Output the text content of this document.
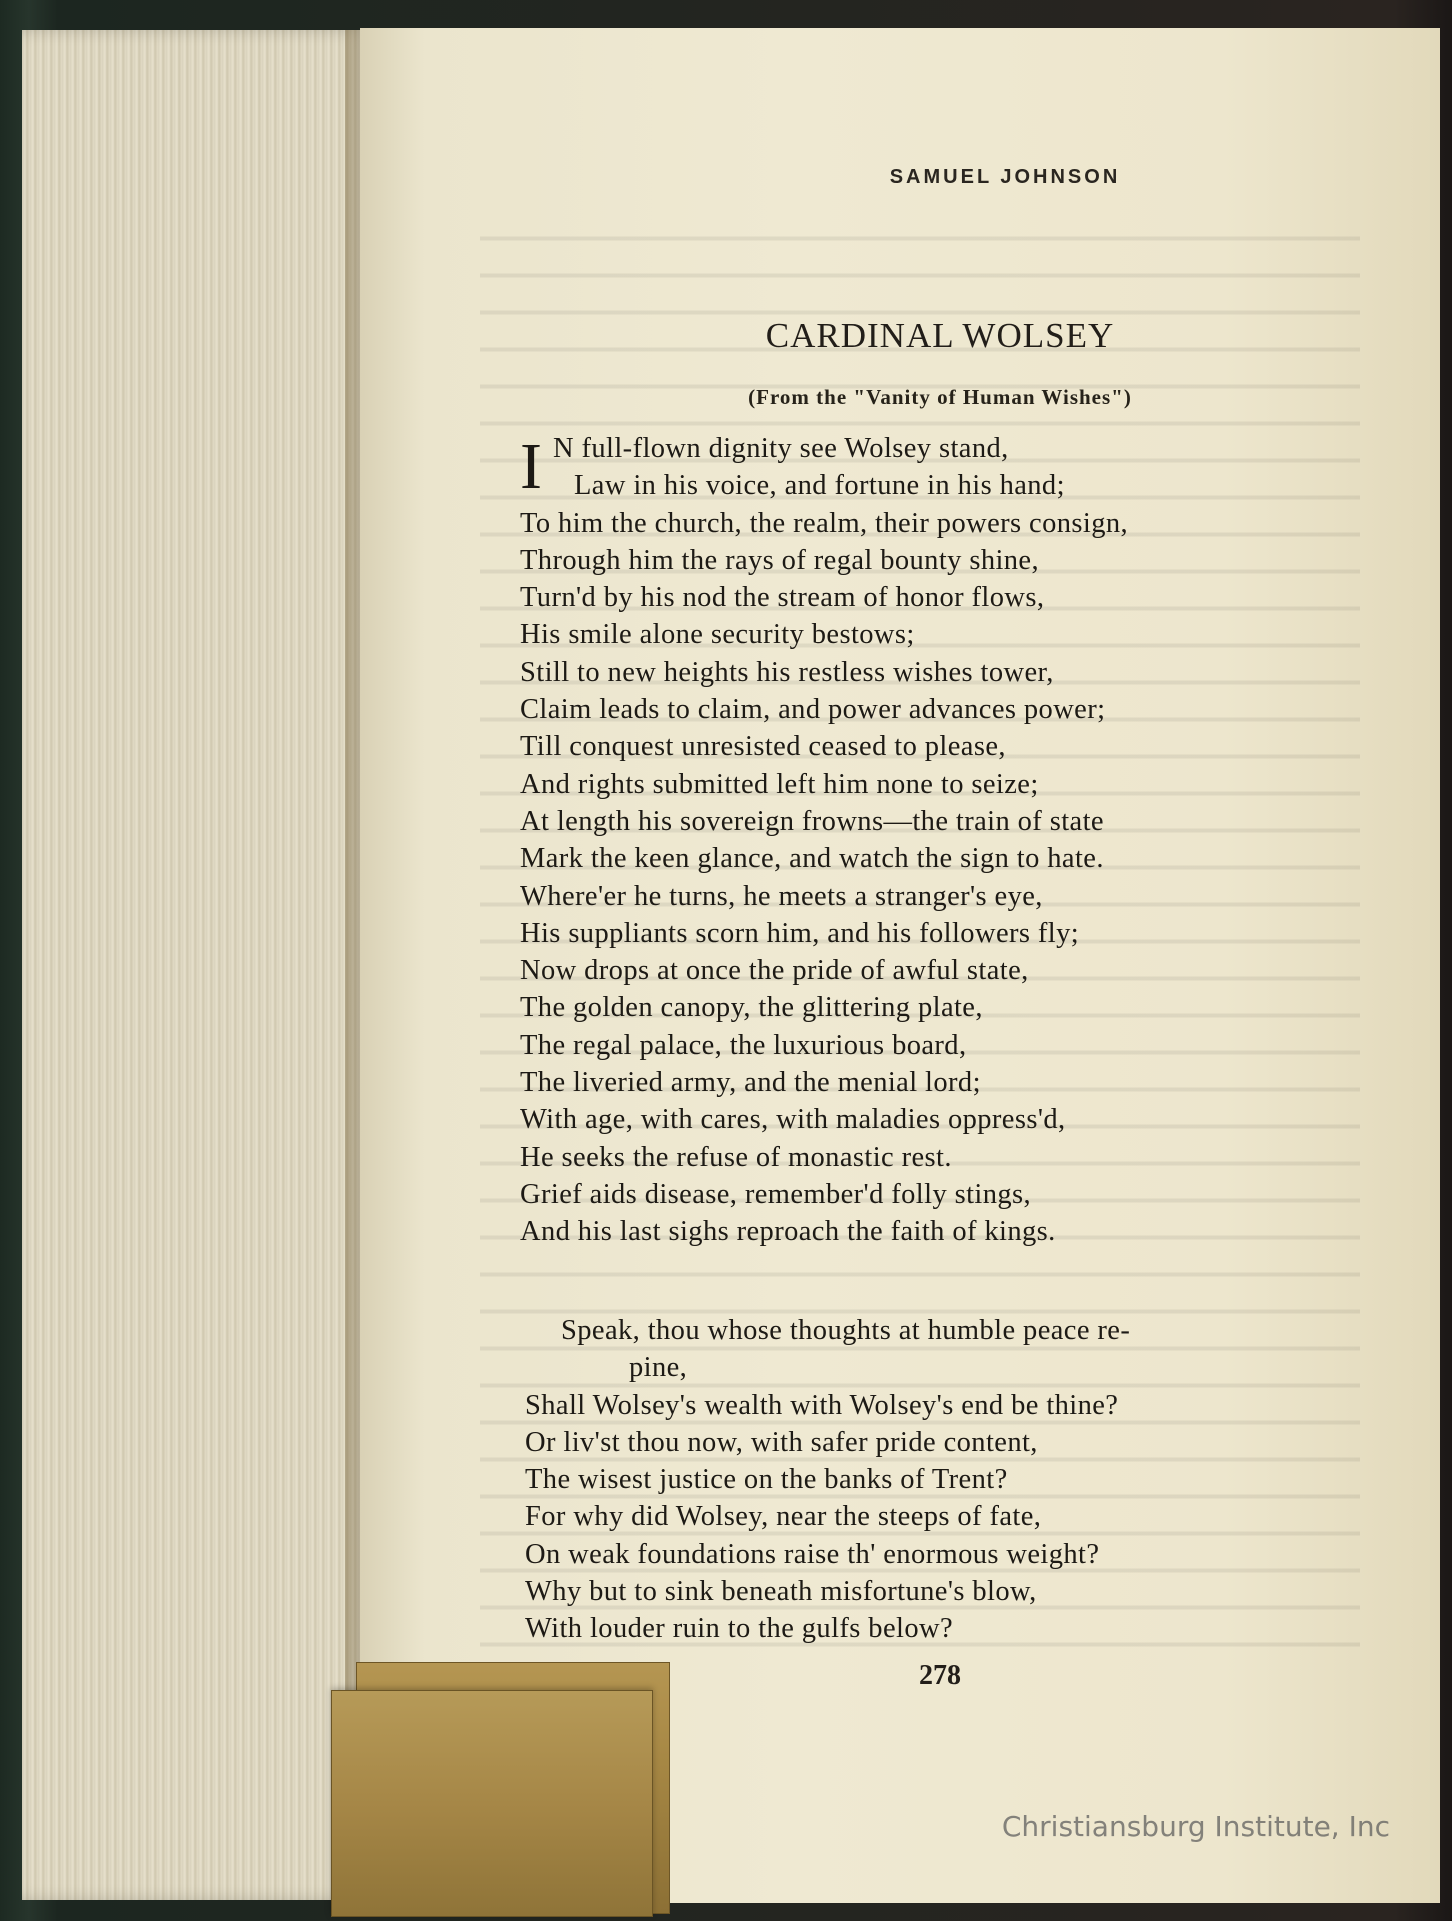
SAMUEL JOHNSON
CARDINAL WOLSEY
(From the "Vanity of Human Wishes")
I N full-flown dignity see Wolsey stand,
Law in his voice, and fortune in his hand;
To him the church, the realm, their powers consign,
Through him the rays of regal bounty shine,
Turn'd by his nod the stream of honor flows,
His smile alone security bestows;
Still to new heights his restless wishes tower,
Claim leads to claim, and power advances power;
Till conquest unresisted ceased to please,
And rights submitted left him none to seize;
At length his sovereign frowns—the train of state
Mark the keen glance, and watch the sign to hate.
Where'er he turns, he meets a stranger's eye,
His suppliants scorn him, and his followers fly;
Now drops at once the pride of awful state,
The golden canopy, the glittering plate,
The regal palace, the luxurious board,
The liveried army, and the menial lord;
With age, with cares, with maladies oppress'd,
He seeks the refuse of monastic rest.
Grief aids disease, remember'd folly stings,
And his last sighs reproach the faith of kings.
Speak, thou whose thoughts at humble peace re-
pine,
Shall Wolsey's wealth with Wolsey's end be thine?
Or liv'st thou now, with safer pride content,
The wisest justice on the banks of Trent?
For why did Wolsey, near the steeps of fate,
On weak foundations raise th' enormous weight?
Why but to sink beneath misfortune's blow,
With louder ruin to the gulfs below?
278
Christiansburg Institute, Inc
